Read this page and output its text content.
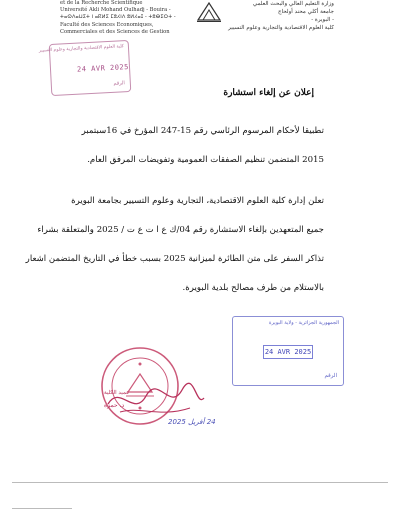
et de la Recherche Scientifique
Université Akli Mohand Oulhadj - Bouira -
ⵜⴰⵙⴷⴰⵡⵉⵜ ⵏ ⴰⴽⵍⵉ ⵎⵓⵃⵏⴷ ⵓⵍⵃⴰⵊ - ⵜⵓⴱⵉⵔⵜ -
Faculté des Sciences Economiques,
Commerciales et des Sciences de Gestion
وزارة التعليم العالي والبحث العلمي
جامعة أكلي محند أولحاج
- البويرة -
كلية العلوم الاقتصادية والتجارية وعلوم التسيير
كلية العلوم الاقتصادية والتجارية وعلوم التسيير
24 AVR 2025
الرقم
إعلان عن إلغاء استشارة
تطبيقا لأحكام المرسوم الرئاسي رقم 15-247 المؤرخ في 16سبتمبر
2015 المتضمن تنظيم الصفقات العمومية وتفويضات المرفق العام.
تعلن إدارة كلية العلوم الاقتصادية، التجارية وعلوم التسيير بجامعة البويرة
جميع المتعهدين بإلغاء الاستشارة رقم 04/ك ع ا ت ع ت / 2025 والمتعلقة بشراء
تذاكر السفر على متن الطائرة لميزانية 2025 بسبب خطأ في التاريخ المتضمن اشعار
بالاستلام من طرف مصالح بلدية البويرة.
الجمهورية الجزائرية - ولاية البويرة
24 AVR 2025
الرقم
عميد الكلية
د. حمزة
24 أفريل 2025
